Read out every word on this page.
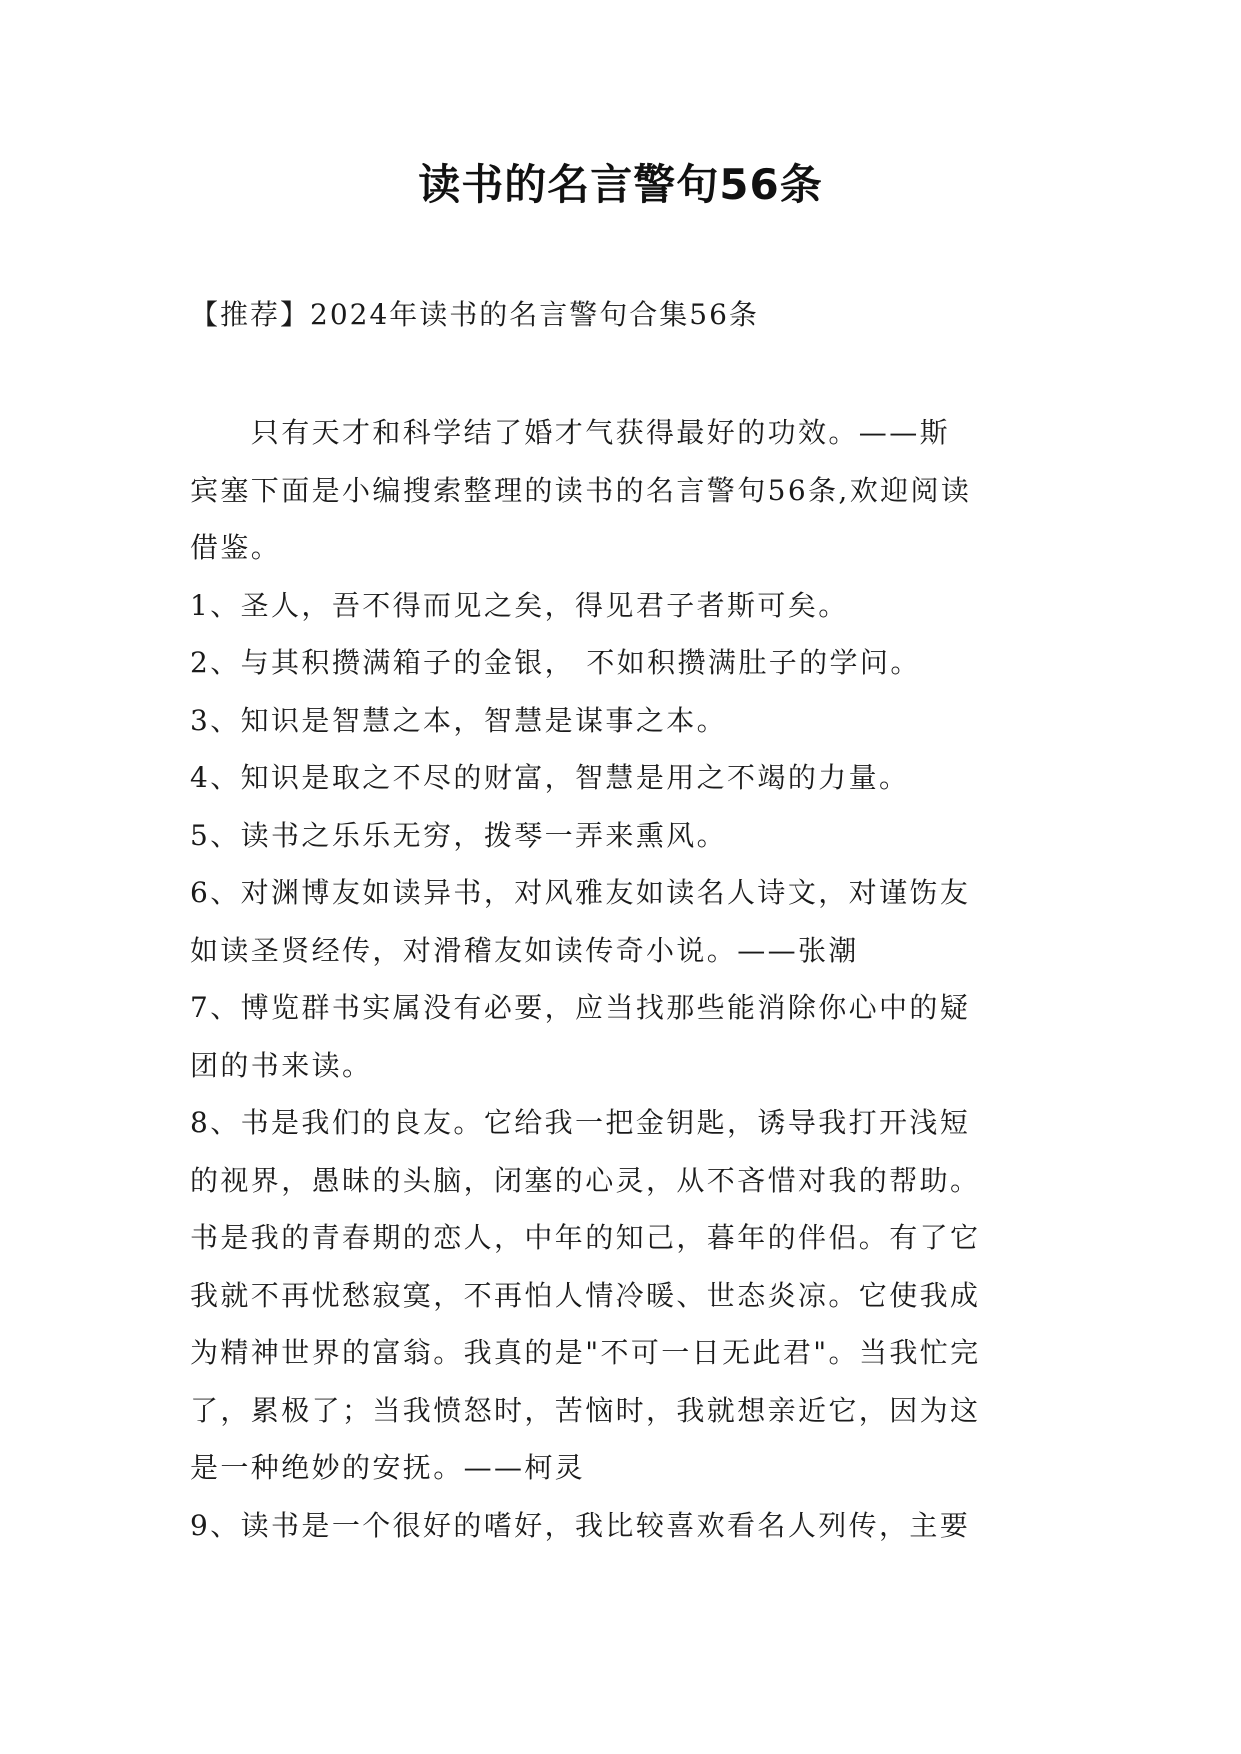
读书的名言警句56条
【推荐】2024年读书的名言警句合集56条
　　只有天才和科学结了婚才气获得最好的功效。——斯
宾塞下面是小编搜索整理的读书的名言警句56条,欢迎阅读
借鉴。
1、圣人，吾不得而见之矣，得见君子者斯可矣。
2、与其积攒满箱子的金银， 不如积攒满肚子的学问。
3、知识是智慧之本，智慧是谋事之本。
4、知识是取之不尽的财富，智慧是用之不竭的力量。
5、读书之乐乐无穷，拨琴一弄来熏风。
6、对渊博友如读异书，对风雅友如读名人诗文，对谨饬友
如读圣贤经传，对滑稽友如读传奇小说。——张潮
7、博览群书实属没有必要，应当找那些能消除你心中的疑
团的书来读。
8、书是我们的良友。它给我一把金钥匙，诱导我打开浅短
的视界，愚昧的头脑，闭塞的心灵，从不吝惜对我的帮助。
书是我的青春期的恋人，中年的知己，暮年的伴侣。有了它
我就不再忧愁寂寞，不再怕人情冷暖、世态炎凉。它使我成
为精神世界的富翁。我真的是"不可一日无此君"。当我忙完
了，累极了；当我愤怒时，苦恼时，我就想亲近它，因为这
是一种绝妙的安抚。——柯灵
9、读书是一个很好的嗜好，我比较喜欢看名人列传，主要
